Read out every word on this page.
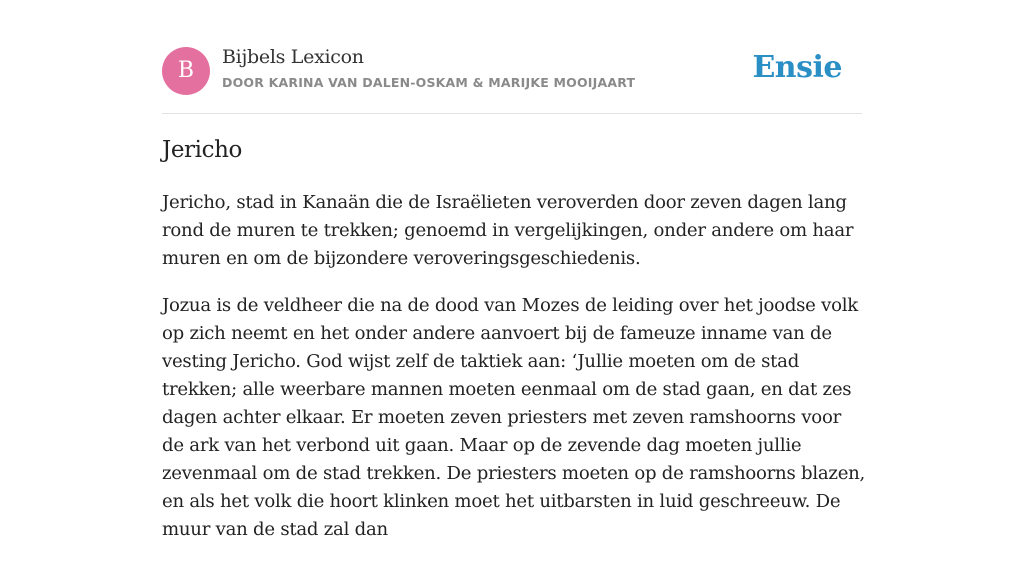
B
Bijbels Lexicon
DOOR KARINA VAN DALEN-OSKAM & MARIJKE MOOIJAART	Ensie
Jericho

Jericho, stad in Kanaän die de Israëlieten veroverden door zeven dagen lang rond de muren te trekken; genoemd in vergelijkingen, onder andere om haar muren en om de bijzondere veroveringsgeschiedenis.

Jozua is de veldheer die na de dood van Mozes de leiding over het joodse volk op zich neemt en het onder andere aanvoert bij de fameuze inname van de vesting Jericho. God wijst zelf de taktiek aan: ‘Jullie moeten om de stad trekken; alle weerbare mannen moeten eenmaal om de stad gaan, en dat zes dagen achter elkaar. Er moeten zeven priesters met zeven ramshoorns voor de ark van het verbond uit gaan. Maar op de zevende dag moeten jullie zevenmaal om de stad trekken. De priesters moeten op de ramshoorns blazen, en als het volk die hoort klinken moet het uitbarsten in luid geschreeuw. De muur van de stad zal dan
